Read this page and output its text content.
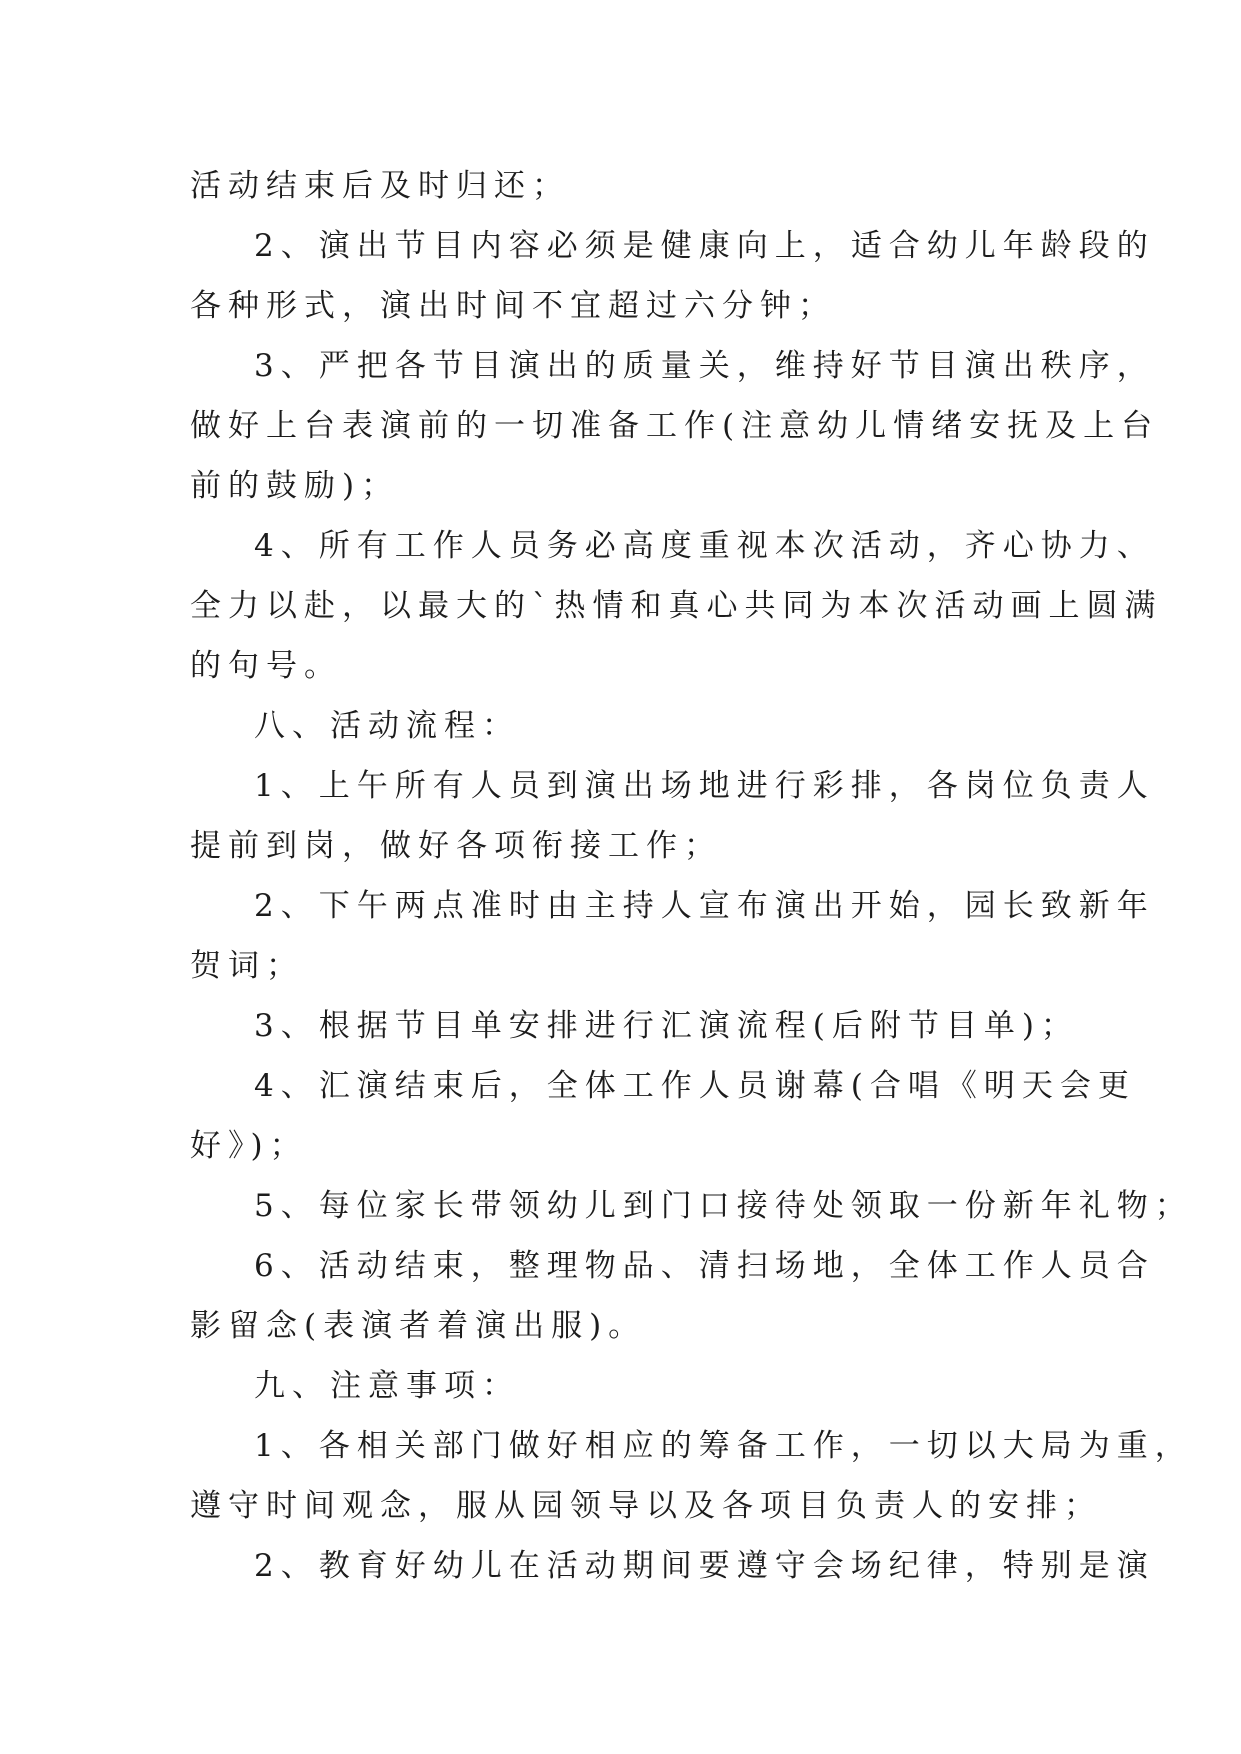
活动结束后及时归还；
2、演出节目内容必须是健康向上，适合幼儿年龄段的
各种形式，演出时间不宜超过六分钟；
3、严把各节目演出的质量关，维持好节目演出秩序，
做好上台表演前的一切准备工作(注意幼儿情绪安抚及上台
前的鼓励)；
4、所有工作人员务必高度重视本次活动，齐心协力、
全力以赴，以最大的`热情和真心共同为本次活动画上圆满
的句号。
八、活动流程：
1、上午所有人员到演出场地进行彩排，各岗位负责人
提前到岗，做好各项衔接工作；
2、下午两点准时由主持人宣布演出开始，园长致新年
贺词；
3、根据节目单安排进行汇演流程(后附节目单)；
4、汇演结束后，全体工作人员谢幕(合唱《明天会更
好》)；
5、每位家长带领幼儿到门口接待处领取一份新年礼物；
6、活动结束，整理物品、清扫场地，全体工作人员合
影留念(表演者着演出服)。
九、注意事项：
1、各相关部门做好相应的筹备工作，一切以大局为重，
遵守时间观念，服从园领导以及各项目负责人的安排；
2、教育好幼儿在活动期间要遵守会场纪律，特别是演
